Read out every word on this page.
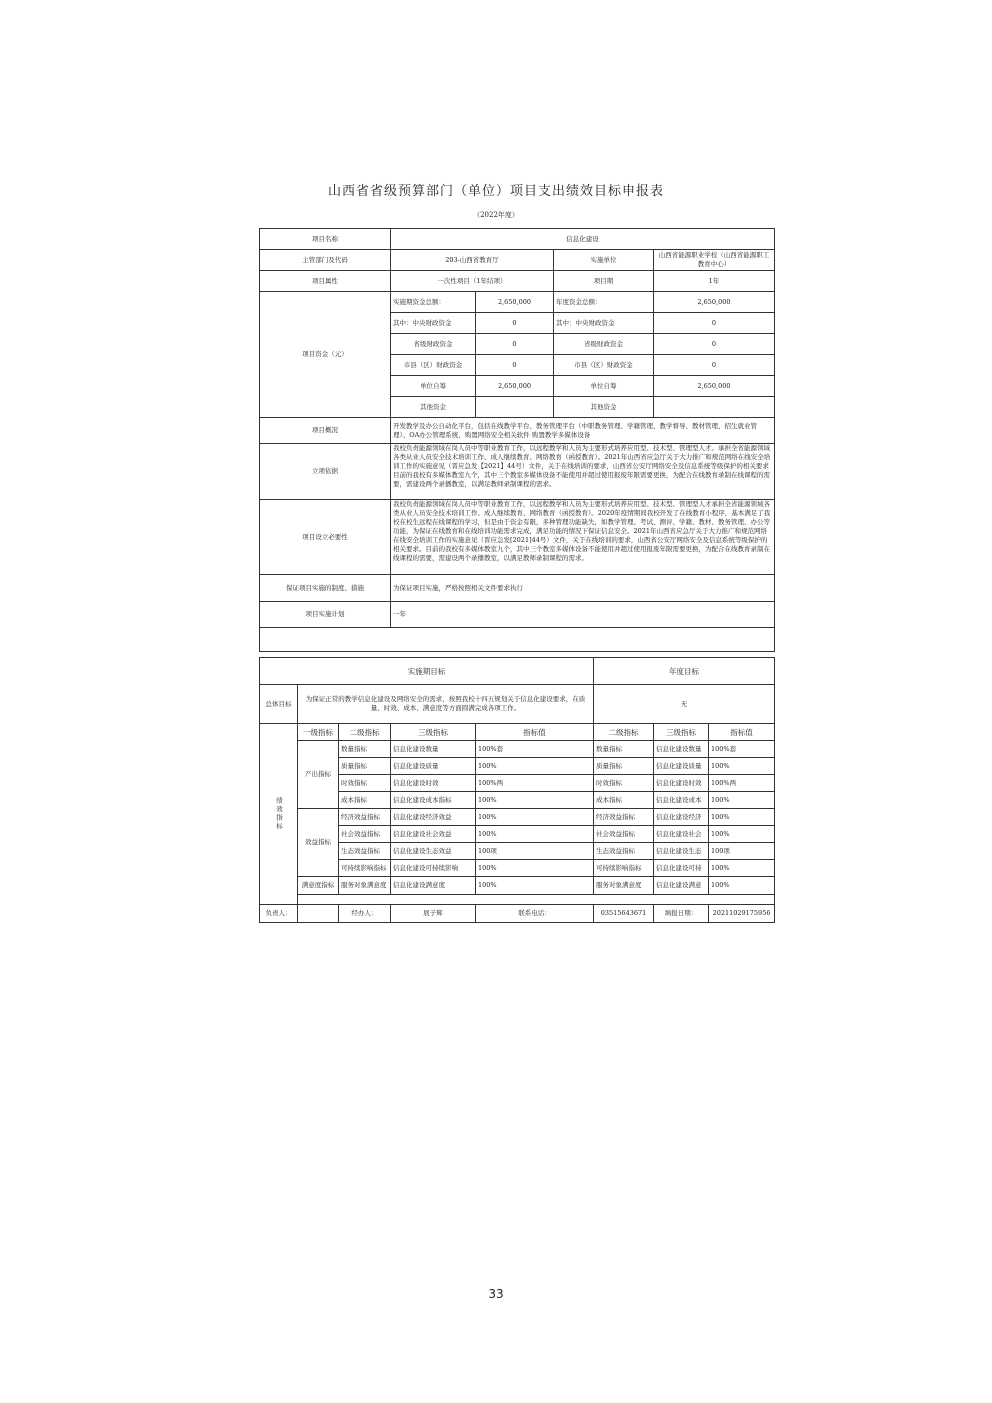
山西省省级预算部门（单位）项目支出绩效目标申报表
（2022年度）
项目名称	信息化建设			
主管部门及代码	203-山西省教育厅		实施单位	山西省能源职业学校（山西省能源职工教育中心）
项目属性	一次性项目（1年结项）		项目期	1年
项目资金（元）	实施期资金总额：	2,650,000	年度资金总额：	2,650,000
	其中：中央财政资金	0	其中：中央财政资金	0
	省级财政资金	0	省级财政资金	0
	市县（区）财政资金	0	市县（区）财政资金	0
	单位自筹	2,650,000	单位自筹	2,650,000
	其他资金		其他资金	
项目概况	开发教学及办公自动化平台，包括在线教学平台、教务管理平台（中职教务管理、学籍管理、教学督导、教材管理、招生就业管理）、OA办公管理系统、购置网络安全相关软件 购置教学多媒体设备			

立项依据	我校负责能源领域在岗人员中等职业教育工作，以远程教学和人员为主要形式培养应用型、技术型、管理型人才。承担全省能源领域各类从业人员安全技术培训工作、成人继续教育、网络教育（函授教育）。2021年山西省应急厅关于大力推广和规范网络在线安全培训工作的实施意见（晋应急发【2021】44号）文件，关于在线培训的要求，山西省公安厅网络安全及信息系统等级保护的相关要求 目前的我校有多媒体教室九个，其中三个教室多媒体设备不能使用并超过使用报废年限需要更换，为配合在线教育录制在线课程的需要，需建设两个录播教室，以满足教师录制课程的需求。			

项目设立必要性	我校负责能源领域在岗人员中等职业教育工作，以远程教学和人员为主要形式培养应用型、技术型、管理型人才承担全省能源领域各类从业人员安全技术培训工作、成人继续教育、网络教育（函授教育）。2020年疫情期间我校开发了在线教育小程序，基本满足了我校在校生远程在线课程的学习，但是由于资金有限，多种管理功能缺失，如教学管理、考试、测评、学籍、教材、教务管理、办公等功能，为保证在线教育和在线培训功能需求完成，满足功能的情况下保证信息安全。2021年山西省应急厅关于大力推广和规范网络在线安全培训工作的实施意见（晋应急发[2021]44号）文件，关于在线培训的要求，山西省公安厅网络安全及信息系统等级保护的相关要求。目前的我校有多媒体教室九个，其中三个教室多媒体设备不能使用并超过使用报废年限需要更换，为配合在线教育录制在线课程的需要，需建设两个录播教室，以满足教师录制课程的需求。			

保证项目实施的制度、措施	为保证项目实施，严格按照相关文件要求执行			
项目实施计划	一年			

实施期目标					年度目标		
总体目标	为保证正常的教学信息化建设及网络安全的需求，按照我校十四五规划关于信息化建设要求，在质量、时效、成本、满意度等方面圆满完成各项工作。				无		
绩效指标	一级指标	二级指标	三级指标	指标值	二级指标	三级指标	指标值
	产出指标	数量指标	信息化建设数量	100%套	数量指标	信息化建设数量	100%套
		质量指标	信息化建设质量	100%	质量指标	信息化建设质量	100%
		时效指标	信息化建设时效	100%两	时效指标	信息化建设时效	100%两
		成本指标	信息化建设成本指标	100%	成本指标	信息化建设成本	100%
	效益指标	经济效益指标	信息化建设经济效益	100%	经济效益指标	信息化建设经济	100%
		社会效益指标	信息化建设社会效益	100%	社会效益指标	信息化建设社会	100%
		生态效益指标	信息化建设生态效益	100项	生态效益指标	信息化建设生态	100项
		可持续影响指标	信息化建设可持续影响	100%	可持续影响指标	信息化建设可持	100%
	满意度指标	服务对象满意度	信息化建设满意度	100%	服务对象满意度	信息化建设满意	100%

负责人：		经办人：	展子辉	联系电话：	03515643671	填报日期：	20211029175956
33
